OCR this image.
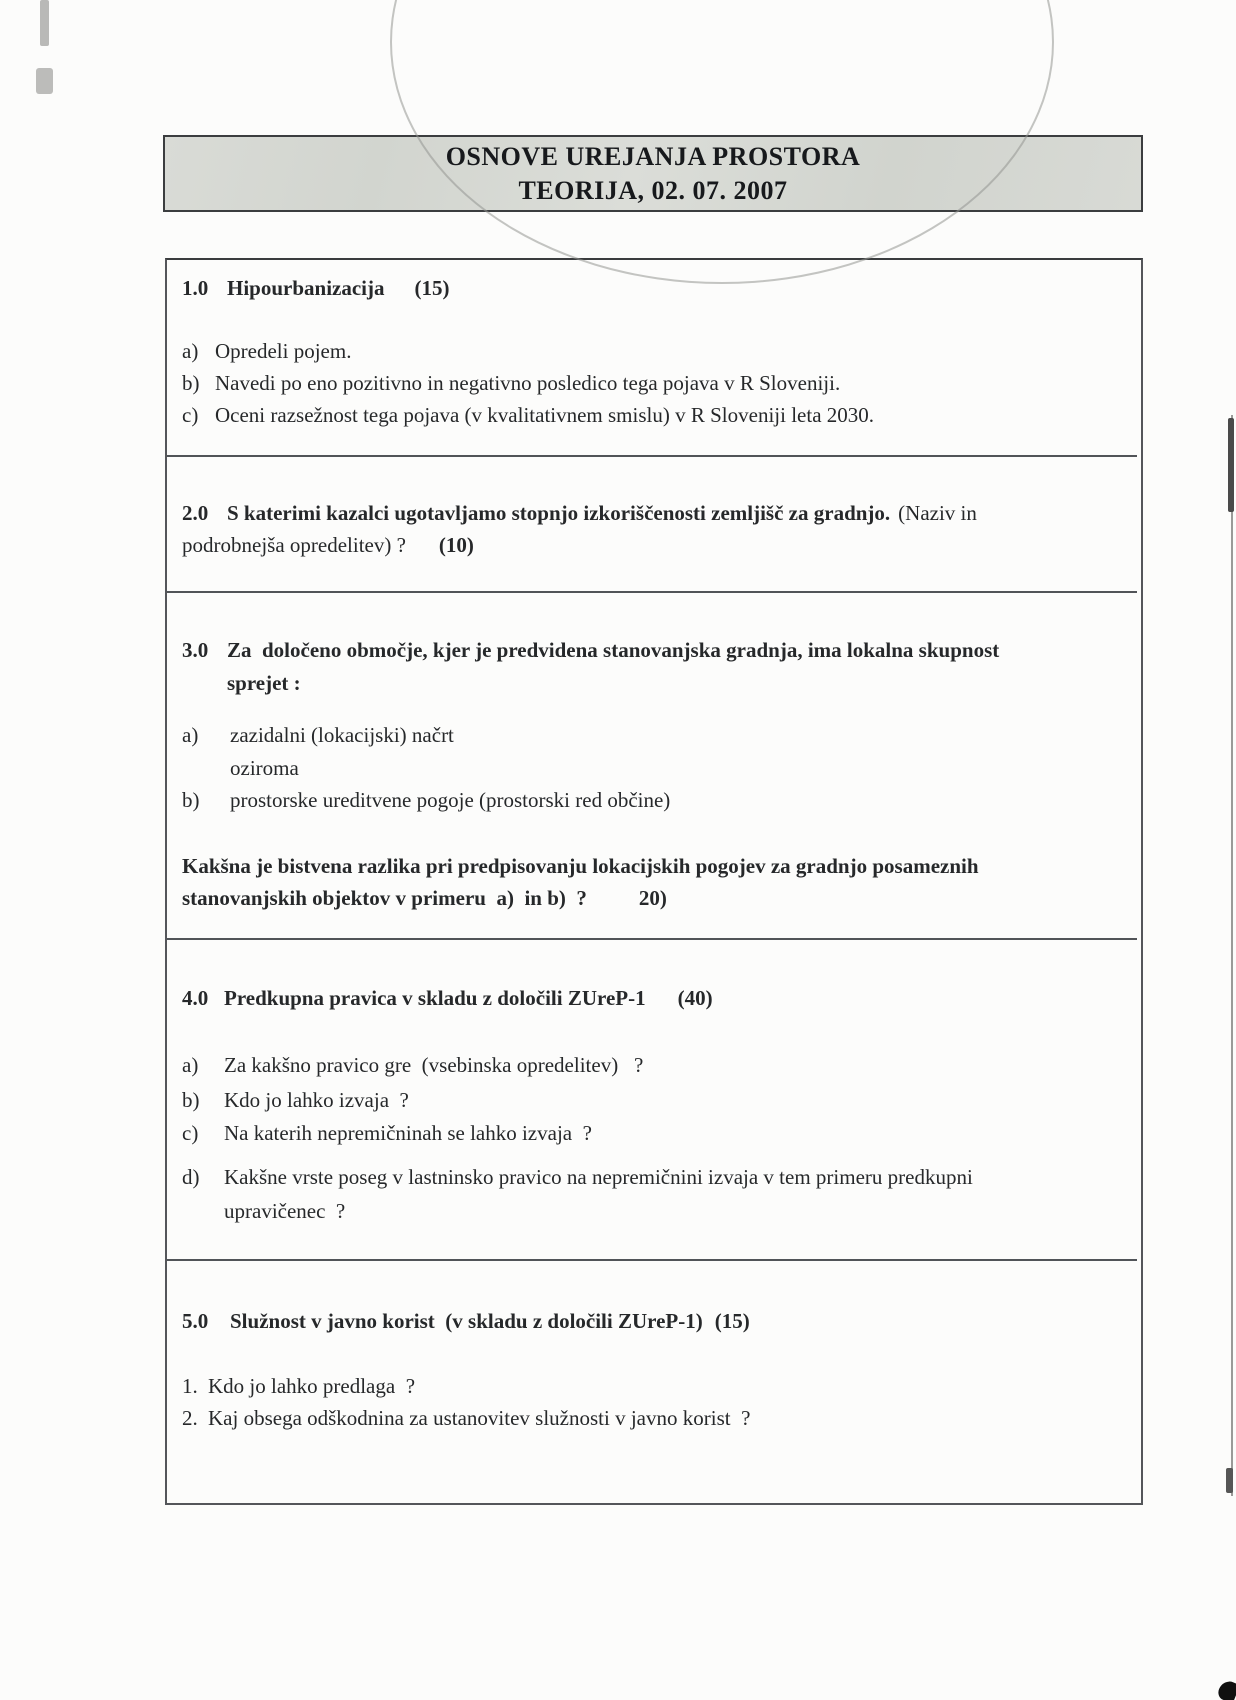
OSNOVE UREJANJA PROSTORA
TEORIJA, 02. 07. 2007
1.0 Hipourbanizacija (15)
a) Opredeli pojem.
b) Navedi po eno pozitivno in negativno posledico tega pojava v R Sloveniji.
c) Oceni razsežnost tega pojava (v kvalitativnem smislu) v R Sloveniji leta 2030.
2.0 S katerimi kazalci ugotavljamo stopnjo izkoriščenosti zemljišč za gradnjo. (Naziv in
podrobnejša opredelitev) ? (10)
3.0 Za  določeno območje, kjer je predvidena stanovanjska gradnja, ima lokalna skupnost
sprejet :
a) zazidalni (lokacijski) načrt
oziroma
b) prostorske ureditvene pogoje (prostorski red občine)
Kakšna je bistvena razlika pri predpisovanju lokacijskih pogojev za gradnjo posameznih
stanovanjskih objektov v primeru  a)  in b)  ? 20)
4.0 Predkupna pravica v skladu z določili ZUreP-1 (40)
a) Za kakšno pravico gre  (vsebinska opredelitev)   ?
b) Kdo jo lahko izvaja  ?
c) Na katerih nepremičninah se lahko izvaja  ?
d) Kakšne vrste poseg v lastninsko pravico na nepremičnini izvaja v tem primeru predkupni
upravičenec  ?
5.0 Služnost v javno korist  (v skladu z določili ZUreP-1) (15)
1. Kdo jo lahko predlaga  ?
2. Kaj obsega odškodnina za ustanovitev služnosti v javno korist  ?
